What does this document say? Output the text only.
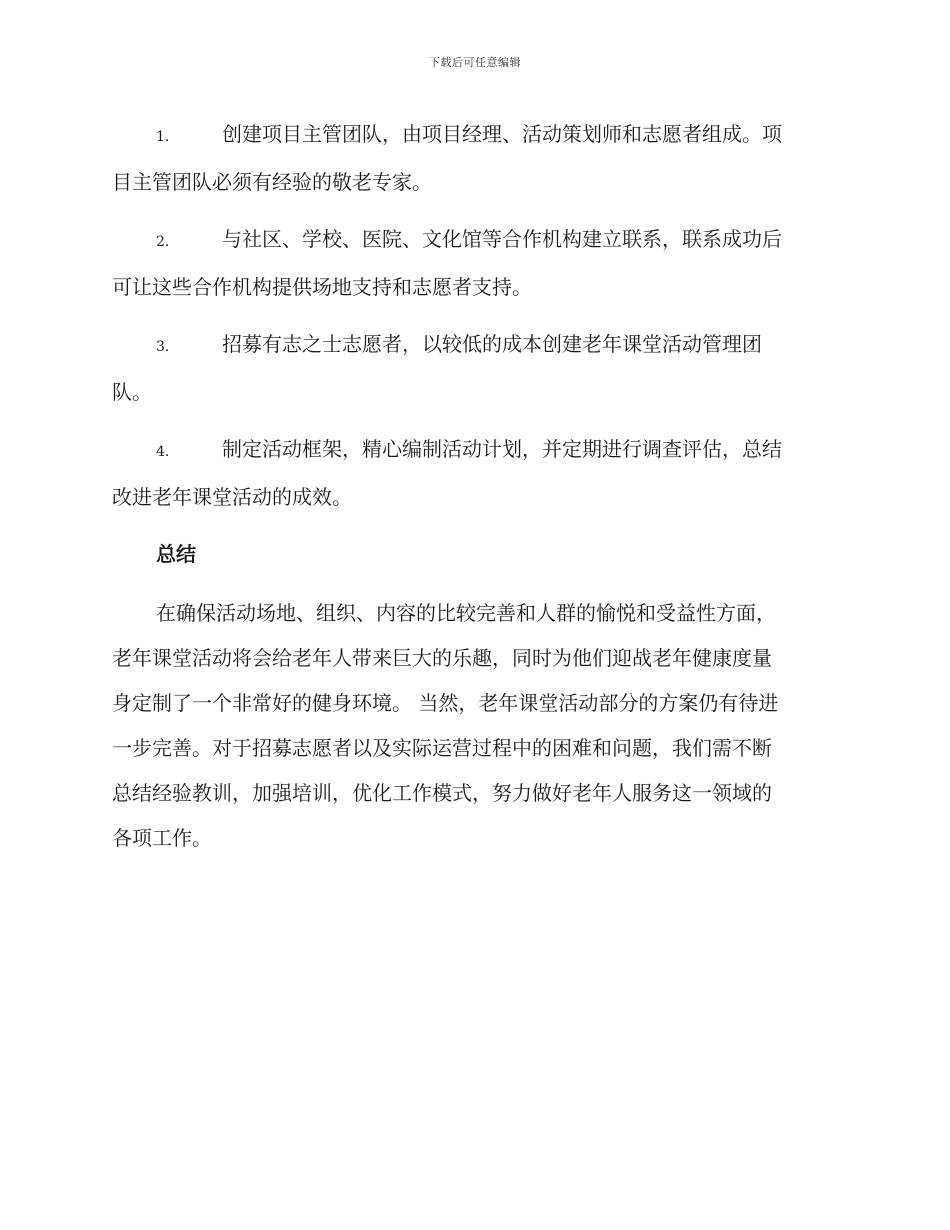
下载后可任意编辑
1.	创建项目主管团队，由项目经理、活动策划师和志愿者组成。项
目主管团队必须有经验的敬老专家。
2.	与社区、学校、医院、文化馆等合作机构建立联系，联系成功后
可让这些合作机构提供场地支持和志愿者支持。
3.	招募有志之士志愿者，以较低的成本创建老年课堂活动管理团
队。
4.	制定活动框架，精心编制活动计划，并定期进行调查评估，总结
改进老年课堂活动的成效。
总结
在确保活动场地、组织、内容的比较完善和人群的愉悦和受益性方面，
老年课堂活动将会给老年人带来巨大的乐趣，同时为他们迎战老年健康度量
身定制了一个非常好的健身环境。 当然，老年课堂活动部分的方案仍有待进
一步完善。对于招募志愿者以及实际运营过程中的困难和问题，我们需不断
总结经验教训，加强培训，优化工作模式，努力做好老年人服务这一领域的
各项工作。
